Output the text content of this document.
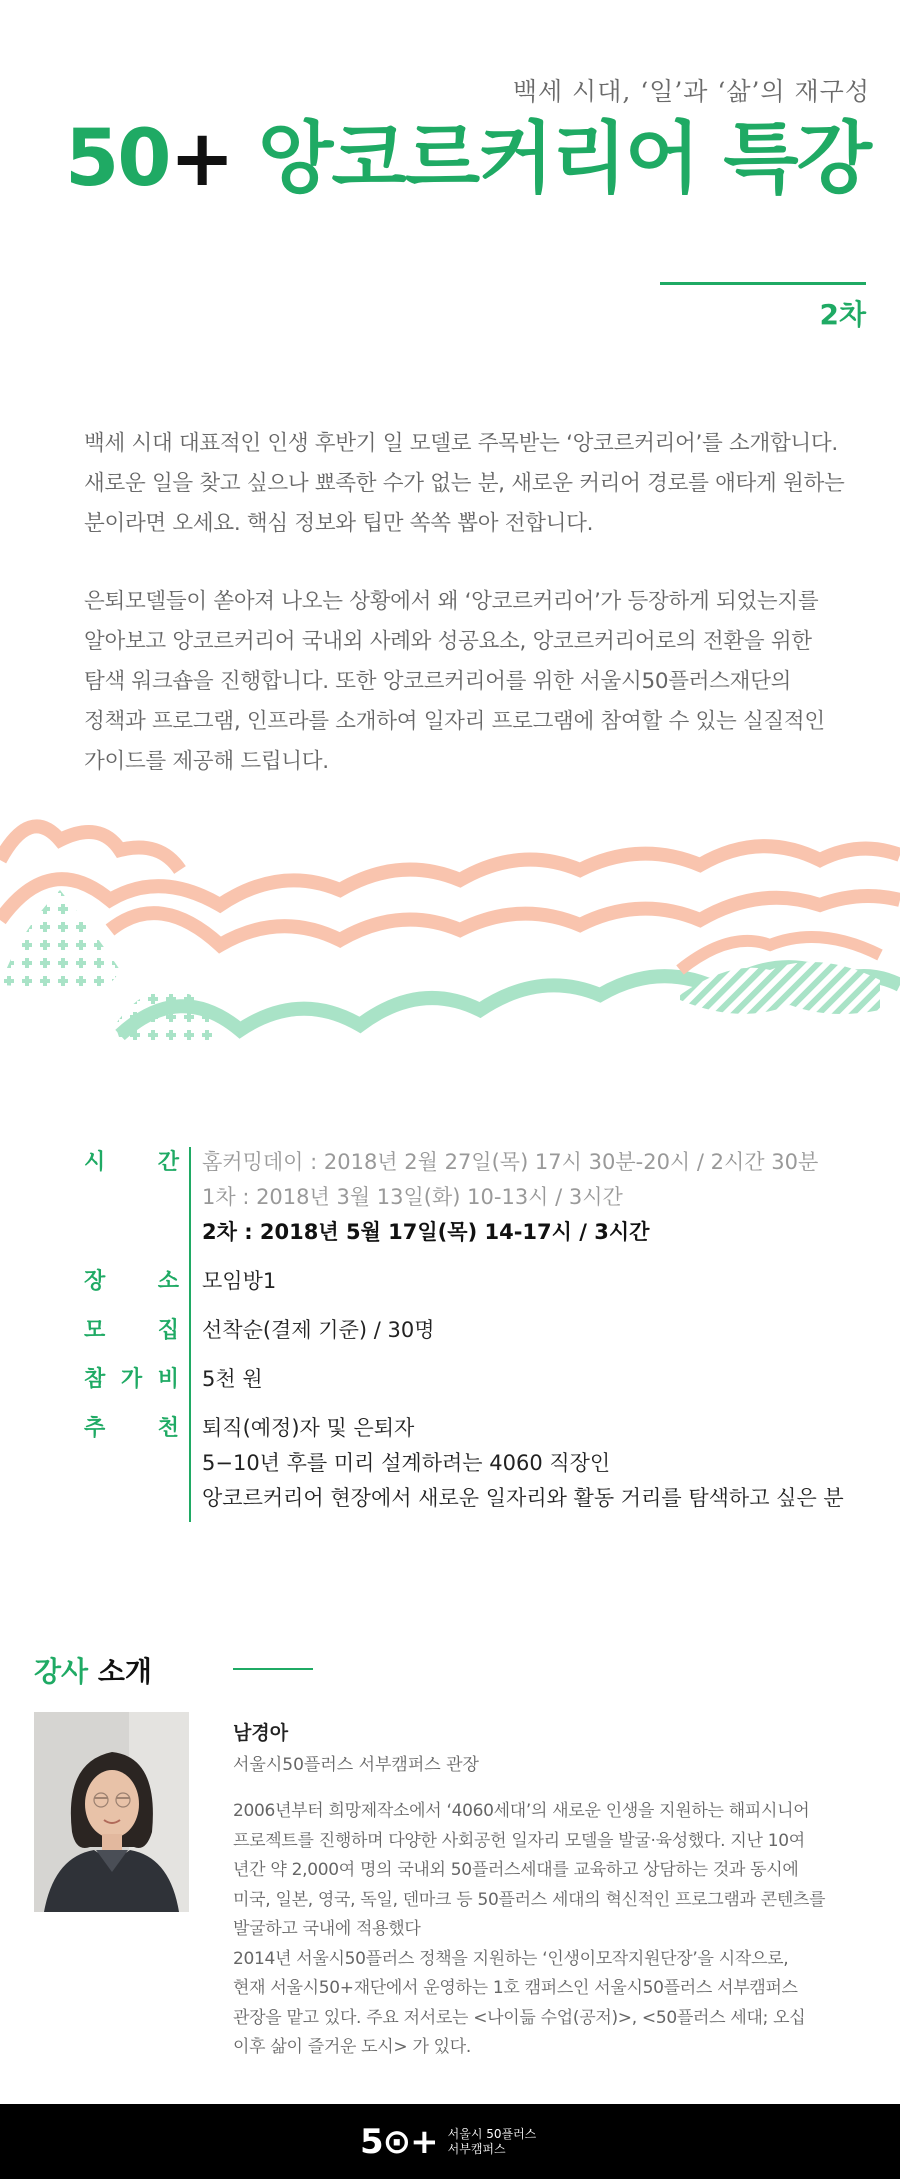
백세 시대, ‘일’과 ‘삶’의 재구성
50+ 앙코르커리어 특강
2차
백세 시대 대표적인 인생 후반기 일 모델로 주목받는 ‘앙코르커리어’를 소개합니다.
새로운 일을 찾고 싶으나 뾰족한 수가 없는 분, 새로운 커리어 경로를 애타게 원하는
분이라면 오세요. 핵심 정보와 팁만 쏙쏙 뽑아 전합니다.
은퇴모델들이 쏟아져 나오는 상황에서 왜 ‘앙코르커리어’가 등장하게 되었는지를
알아보고 앙코르커리어 국내외 사례와 성공요소, 앙코르커리어로의 전환을 위한
탐색 워크숍을 진행합니다. 또한 앙코르커리어를 위한 서울시50플러스재단의
정책과 프로그램, 인프라를 소개하여 일자리 프로그램에 참여할 수 있는 실질적인
가이드를 제공해 드립니다.
시 간 홈커밍데이 : 2018년 2월 27일(목) 17시 30분-20시 / 2시간 30분
1차 : 2018년 3월 13일(화) 10-13시 / 3시간
2차 : 2018년 5월 17일(목) 14-17시 / 3시간
장 소 모임방1
모 집 선착순(결제 기준) / 30명
참 가 비 5천 원
추 천 퇴직(예정)자 및 은퇴자
5−10년 후를 미리 설계하려는 4060 직장인
앙코르커리어 현장에서 새로운 일자리와 활동 거리를 탐색하고 싶은 분
강사 소개
남경아
서울시50플러스 서부캠퍼스 관장
2006년부터 희망제작소에서 ‘4060세대’의 새로운 인생을 지원하는 해피시니어
프로젝트를 진행하며 다양한 사회공헌 일자리 모델을 발굴·육성했다. 지난 10여
년간 약 2,000여 명의 국내외 50플러스세대를 교육하고 상담하는 것과 동시에
미국, 일본, 영국, 독일, 덴마크 등 50플러스 세대의 혁신적인 프로그램과 콘텐츠를
발굴하고 국내에 적용했다
2014년 서울시50플러스 정책을 지원하는 ‘인생이모작지원단장’을 시작으로,
현재 서울시50+재단에서 운영하는 1호 캠퍼스인 서울시50플러스 서부캠퍼스
관장을 맡고 있다. 주요 저서로는 <나이듦 수업(공저)>, <50플러스 세대; 오십
이후 삶이 즐거운 도시> 가 있다.
5⊙+ 서울시 50플러스
서부캠퍼스
